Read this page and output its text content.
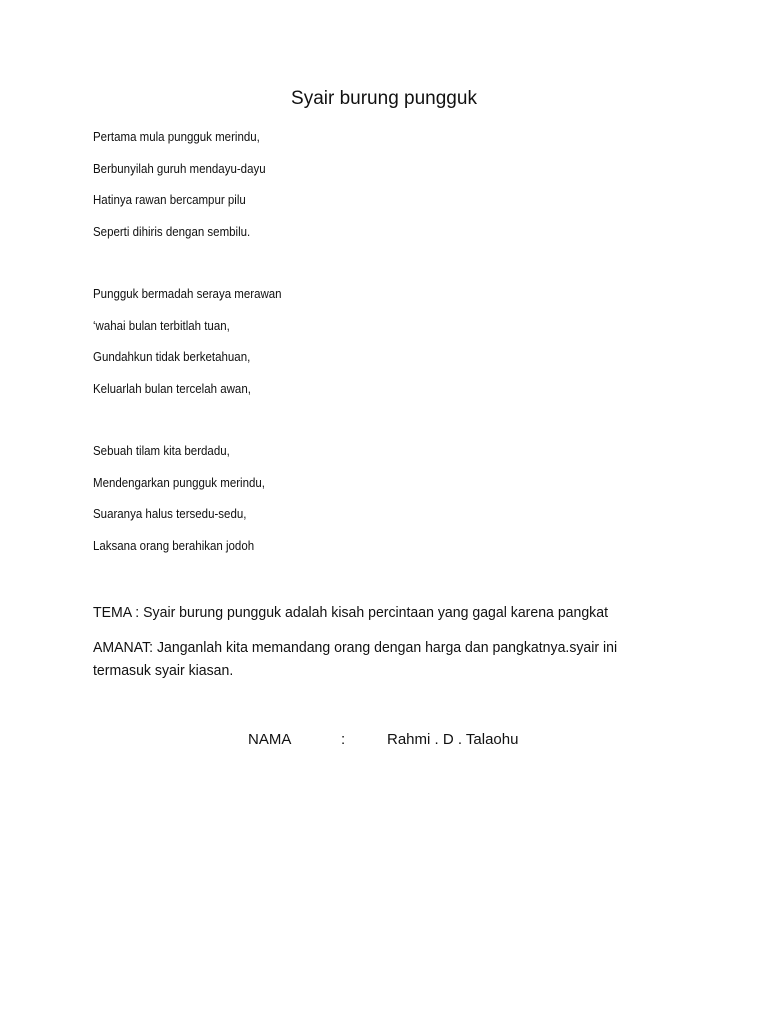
Syair burung pungguk
Pertama mula pungguk merindu,
Berbunyilah guruh mendayu-dayu
Hatinya rawan bercampur pilu
Seperti dihiris dengan sembilu.
Pungguk bermadah seraya merawan
‘wahai bulan terbitlah tuan,
Gundahkun tidak berketahuan,
Keluarlah bulan tercelah awan,
Sebuah tilam kita berdadu,
Mendengarkan pungguk merindu,
Suaranya halus tersedu-sedu,
Laksana orang berahikan jodoh

TEMA : Syair burung pungguk adalah kisah percintaan yang gagal karena pangkat

AMANAT: Janganlah kita memandang orang dengan harga dan pangkatnya.syair ini termasuk syair kiasan.

NAMA	:	Rahmi . D . Talaohu
